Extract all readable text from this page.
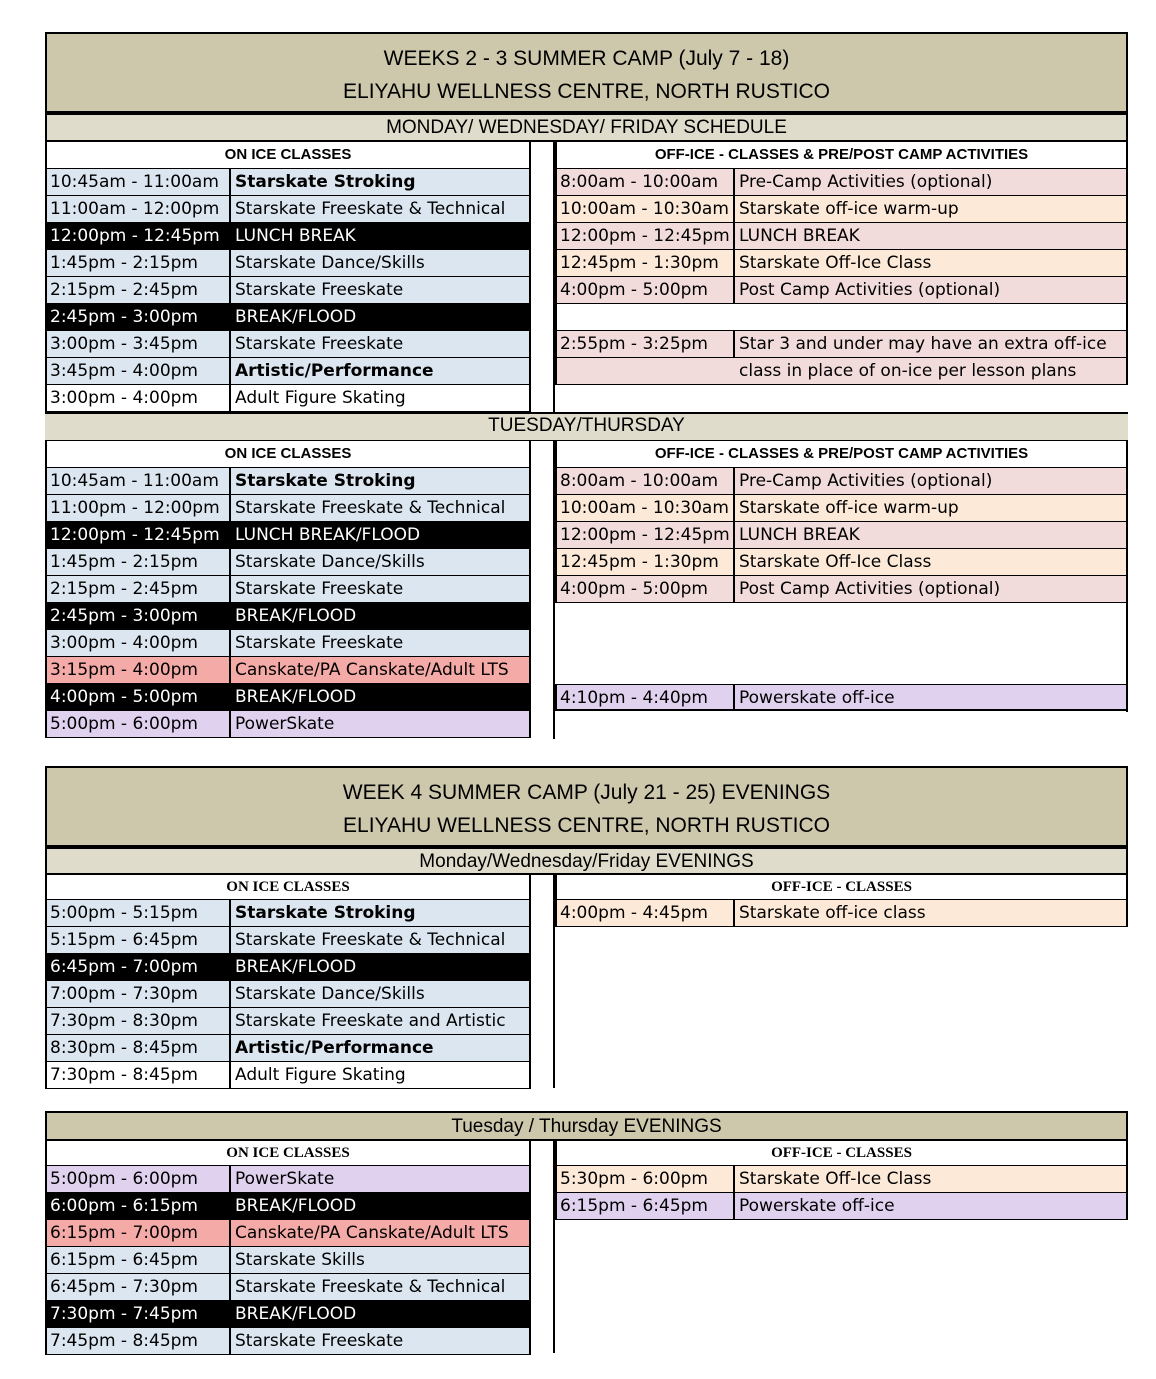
WEEKS 2 - 3 SUMMER CAMP (July 7 - 18)
ELIYAHU WELLNESS CENTRE, NORTH RUSTICO
MONDAY/ WEDNESDAY/ FRIDAY SCHEDULE
ON ICE CLASSES	OFF-ICE - CLASSES & PRE/POST CAMP ACTIVITIES
10:45am - 11:00am Starskate Stroking
11:00am - 12:00pm Starskate Freeskate & Technical
12:00pm - 12:45pm LUNCH BREAK
1:45pm - 2:15pm	Starskate Dance/Skills
2:15pm - 2:45pm	Starskate Freeskate
2:45pm - 3:00pm	BREAK/FLOOD
3:00pm - 3:45pm	Starskate Freeskate
3:45pm - 4:00pm	Artistic/Performance
3:00pm - 4:00pm	Adult Figure Skating
8:00am - 10:00am	Pre-Camp Activities (optional)
10:00am - 10:30am Starskate off-ice warm-up
12:00pm - 12:45pm LUNCH BREAK
12:45pm - 1:30pm	Starskate Off-Ice Class
4:00pm - 5:00pm	Post Camp Activities (optional)
2:55pm - 3:25pm	Star 3 and under may have an extra off-ice
class in place of on-ice per lesson plans
TUESDAY/THURSDAY
ON ICE CLASSES	OFF-ICE - CLASSES & PRE/POST CAMP ACTIVITIES
10:45am - 11:00am Starskate Stroking
11:00pm - 12:00pm Starskate Freeskate & Technical
12:00pm - 12:45pm LUNCH BREAK/FLOOD
1:45pm - 2:15pm	Starskate Dance/Skills
2:15pm - 2:45pm	Starskate Freeskate
2:45pm - 3:00pm	BREAK/FLOOD
3:00pm - 4:00pm	Starskate Freeskate
3:15pm - 4:00pm	Canskate/PA Canskate/Adult LTS
4:00pm - 5:00pm	BREAK/FLOOD
5:00pm - 6:00pm	PowerSkate
8:00am - 10:00am	Pre-Camp Activities (optional)
10:00am - 10:30am Starskate off-ice warm-up
12:00pm - 12:45pm LUNCH BREAK
12:45pm - 1:30pm	Starskate Off-Ice Class
4:00pm - 5:00pm	Post Camp Activities (optional)
4:10pm - 4:40pm	Powerskate off-ice
WEEK 4 SUMMER CAMP (July 21 - 25) EVENINGS
ELIYAHU WELLNESS CENTRE, NORTH RUSTICO
Monday/Wednesday/Friday EVENINGS
ON ICE CLASSES	OFF-ICE - CLASSES
5:00pm - 5:15pm	Starskate Stroking
5:15pm - 6:45pm	Starskate Freeskate & Technical
6:45pm - 7:00pm	BREAK/FLOOD
7:00pm - 7:30pm	Starskate Dance/Skills
7:30pm - 8:30pm	Starskate Freeskate and Artistic
8:30pm - 8:45pm	Artistic/Performance
7:30pm - 8:45pm	Adult Figure Skating
4:00pm - 4:45pm	Starskate off-ice class
Tuesday / Thursday EVENINGS
ON ICE CLASSES	OFF-ICE - CLASSES
5:00pm - 6:00pm	PowerSkate
6:00pm - 6:15pm	BREAK/FLOOD
6:15pm - 7:00pm	Canskate/PA Canskate/Adult LTS
6:15pm - 6:45pm	Starskate Skills
6:45pm - 7:30pm	Starskate Freeskate & Technical
7:30pm - 7:45pm	BREAK/FLOOD
7:45pm - 8:45pm	Starskate Freeskate
5:30pm - 6:00pm	Starskate Off-Ice Class
6:15pm - 6:45pm	Powerskate off-ice
